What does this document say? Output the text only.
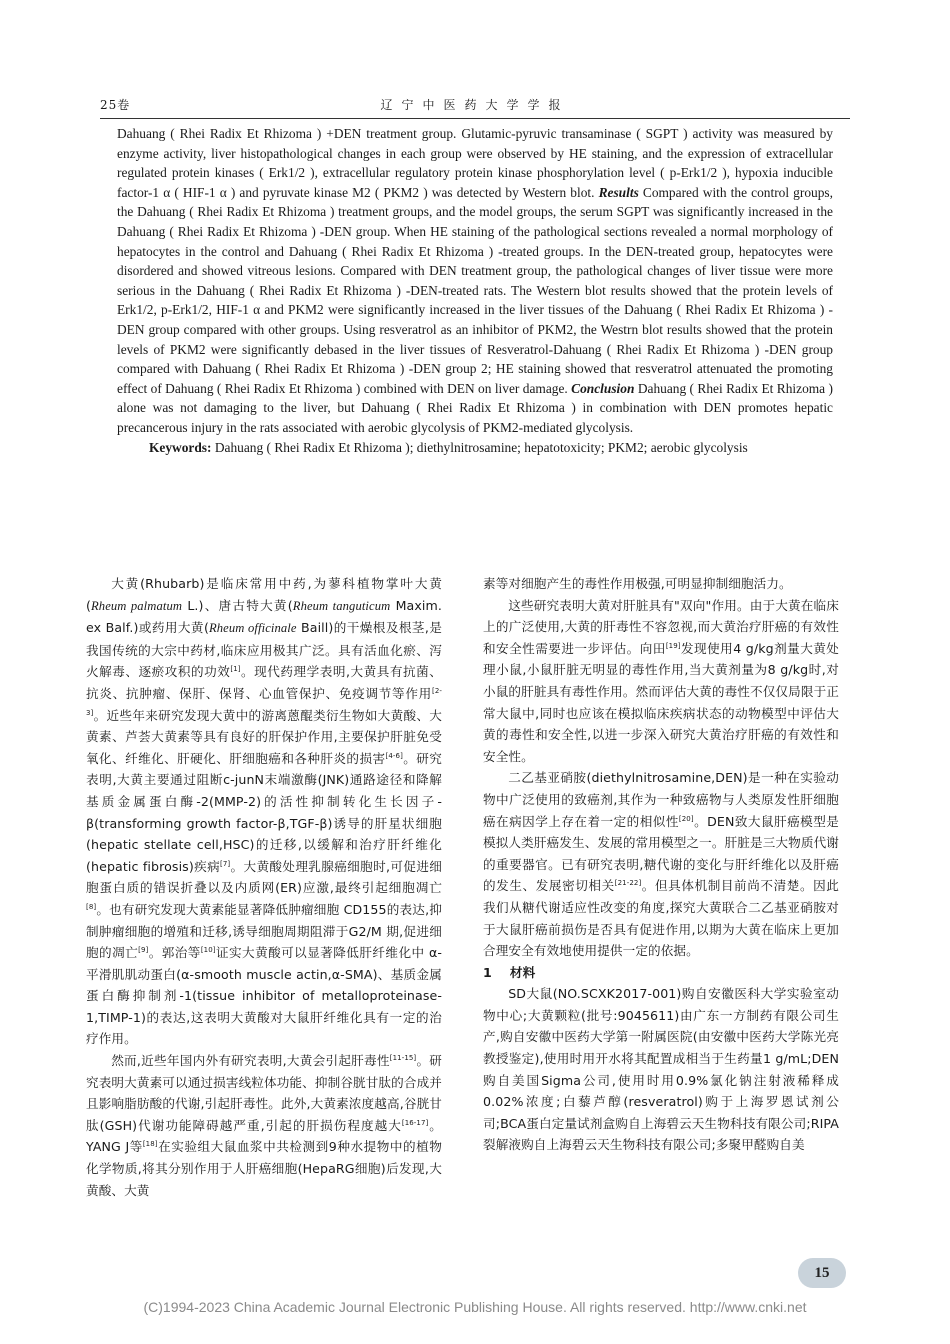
25卷	辽宁中医药大学学报
Dahuang ( Rhei Radix Et Rhizoma ) +DEN treatment group. Glutamic-pyruvic transaminase ( SGPT ) activity was measured by enzyme activity, liver histopathological changes in each group were observed by HE staining, and the expression of extracellular regulated protein kinases ( Erk1/2 ), extracellular regulatory protein kinase phosphorylation level ( p-Erk1/2 ), hypoxia inducible factor-1 α ( HIF-1 α ) and pyruvate kinase M2 ( PKM2 ) was detected by Western blot. Results Compared with the control groups, the Dahuang ( Rhei Radix Et Rhizoma ) treatment groups, and the model groups, the serum SGPT was significantly increased in the Dahuang ( Rhei Radix Et Rhizoma ) -DEN group. When HE staining of the pathological sections revealed a normal morphology of hepatocytes in the control and Dahuang ( Rhei Radix Et Rhizoma ) -treated groups. In the DEN-treated group, hepatocytes were disordered and showed vitreous lesions. Compared with DEN treatment group, the pathological changes of liver tissue were more serious in the Dahuang ( Rhei Radix Et Rhizoma ) -DEN-treated rats. The Western blot results showed that the protein levels of Erk1/2, p-Erk1/2, HIF-1 α and PKM2 were significantly increased in the liver tissues of the Dahuang ( Rhei Radix Et Rhizoma ) -DEN group compared with other groups. Using resveratrol as an inhibitor of PKM2, the Westrn blot results showed that the protein levels of PKM2 were significantly debased in the liver tissues of Resveratrol-Dahuang ( Rhei Radix Et Rhizoma ) -DEN group compared with Dahuang ( Rhei Radix Et Rhizoma ) -DEN group 2; HE staining showed that resveratrol attenuated the promoting effect of Dahuang ( Rhei Radix Et Rhizoma ) combined with DEN on liver damage. Conclusion Dahuang ( Rhei Radix Et Rhizoma ) alone was not damaging to the liver, but Dahuang ( Rhei Radix Et Rhizoma ) in combination with DEN promotes hepatic precancerous injury in the rats associated with aerobic glycolysis of PKM2-mediated glycolysis.
Keywords: Dahuang ( Rhei Radix Et Rhizoma ); diethylnitrosamine; hepatotoxicity; PKM2; aerobic glycolysis

大黄(Rhubarb)是临床常用中药,为蓼科植物掌叶大黄(Rheum palmatum L.)、唐古特大黄(Rheum tanguticum Maxim. ex Balf.)或药用大黄(Rheum officinale Baill)的干燥根及根茎,是我国传统的大宗中药材,临床应用极其广泛。具有活血化瘀、泻火解毒、逐瘀攻积的功效[1]。现代药理学表明,大黄具有抗菌、抗炎、抗肿瘤、保肝、保肾、心血管保护、免疫调节等作用[2-3]。近些年来研究发现大黄中的游离蒽醌类衍生物如大黄酸、大黄素、芦荟大黄素等具有良好的肝保护作用,主要保护肝脏免受氧化、纤维化、肝硬化、肝细胞癌和各种肝炎的损害[4-6]。研究表明,大黄主要通过阻断c-junN末端激酶(JNK)通路途径和降解基质金属蛋白酶-2(MMP-2)的活性抑制转化生长因子-β(transforming growth factor-β,TGF-β)诱导的肝星状细胞(hepatic stellate cell,HSC)的迁移,以缓解和治疗肝纤维化(hepatic fibrosis)疾病[7]。大黄酸处理乳腺癌细胞时,可促进细胞蛋白质的错误折叠以及内质网(ER)应激,最终引起细胞凋亡[8]。也有研究发现大黄素能显著降低肿瘤细胞 CD155的表达,抑制肿瘤细胞的增殖和迁移,诱导细胞周期阻滞于G2/M 期,促进细胞的凋亡[9]。郭治等[10]证实大黄酸可以显著降低肝纤维化中 α-平滑肌肌动蛋白(α-smooth muscle actin,α-SMA)、基质金属蛋白酶抑制剂-1(tissue inhibitor of metalloproteinase-1,TIMP-1)的表达,这表明大黄酸对大鼠肝纤维化具有一定的治疗作用。

然而,近些年国内外有研究表明,大黄会引起肝毒性[11-15]。研究表明大黄素可以通过损害线粒体功能、抑制谷胱甘肽的合成并且影响脂肪酸的代谢,引起肝毒性。此外,大黄素浓度越高,谷胱甘肽(GSH)代谢功能障碍越严重,引起的肝损伤程度越大[16-17]。YANG J等[18]在实验组大鼠血浆中共检测到9种水提物中的植物化学物质,将其分别作用于人肝癌细胞(HepaRG细胞)后发现,大黄酸、大黄

素等对细胞产生的毒性作用极强,可明显抑制细胞活力。

这些研究表明大黄对肝脏具有"双向"作用。由于大黄在临床上的广泛使用,大黄的肝毒性不容忽视,而大黄治疗肝癌的有效性和安全性需要进一步评估。向田[19]发现使用4 g/kg剂量大黄处理小鼠,小鼠肝脏无明显的毒性作用,当大黄剂量为8 g/kg时,对小鼠的肝脏具有毒性作用。然而评估大黄的毒性不仅仅局限于正常大鼠中,同时也应该在模拟临床疾病状态的动物模型中评估大黄的毒性和安全性,以进一步深入研究大黄治疗肝癌的有效性和安全性。

二乙基亚硝胺(diethylnitrosamine,DEN)是一种在实验动物中广泛使用的致癌剂,其作为一种致癌物与人类原发性肝细胞癌在病因学上存在着一定的相似性[20]。DEN致大鼠肝癌模型是模拟人类肝癌发生、发展的常用模型之一。肝脏是三大物质代谢的重要器官。已有研究表明,糖代谢的变化与肝纤维化以及肝癌的发生、发展密切相关[21-22]。但具体机制目前尚不清楚。因此我们从糖代谢适应性改变的角度,探究大黄联合二乙基亚硝胺对于大鼠肝癌前损伤是否具有促进作用,以期为大黄在临床上更加合理安全有效地使用提供一定的依据。

1 材料

SD大鼠(NO.SCXK2017-001)购自安徽医科大学实验室动物中心;大黄颗粒(批号:9045611)由广东一方制药有限公司生产,购自安徽中医药大学第一附属医院(由安徽中医药大学陈光亮教授鉴定),使用时用开水将其配置成相当于生药量1 g/mL;DEN购自美国Sigma公司,使用时用0.9%氯化钠注射液稀释成0.02%浓度;白藜芦醇(resveratrol)购于上海罗恩试剂公司;BCA蛋白定量试剂盒购自上海碧云天生物科技有限公司;RIPA裂解液购自上海碧云天生物科技有限公司;多聚甲醛购自美

15
(C)1994-2023 China Academic Journal Electronic Publishing House. All rights reserved. http://www.cnki.net
